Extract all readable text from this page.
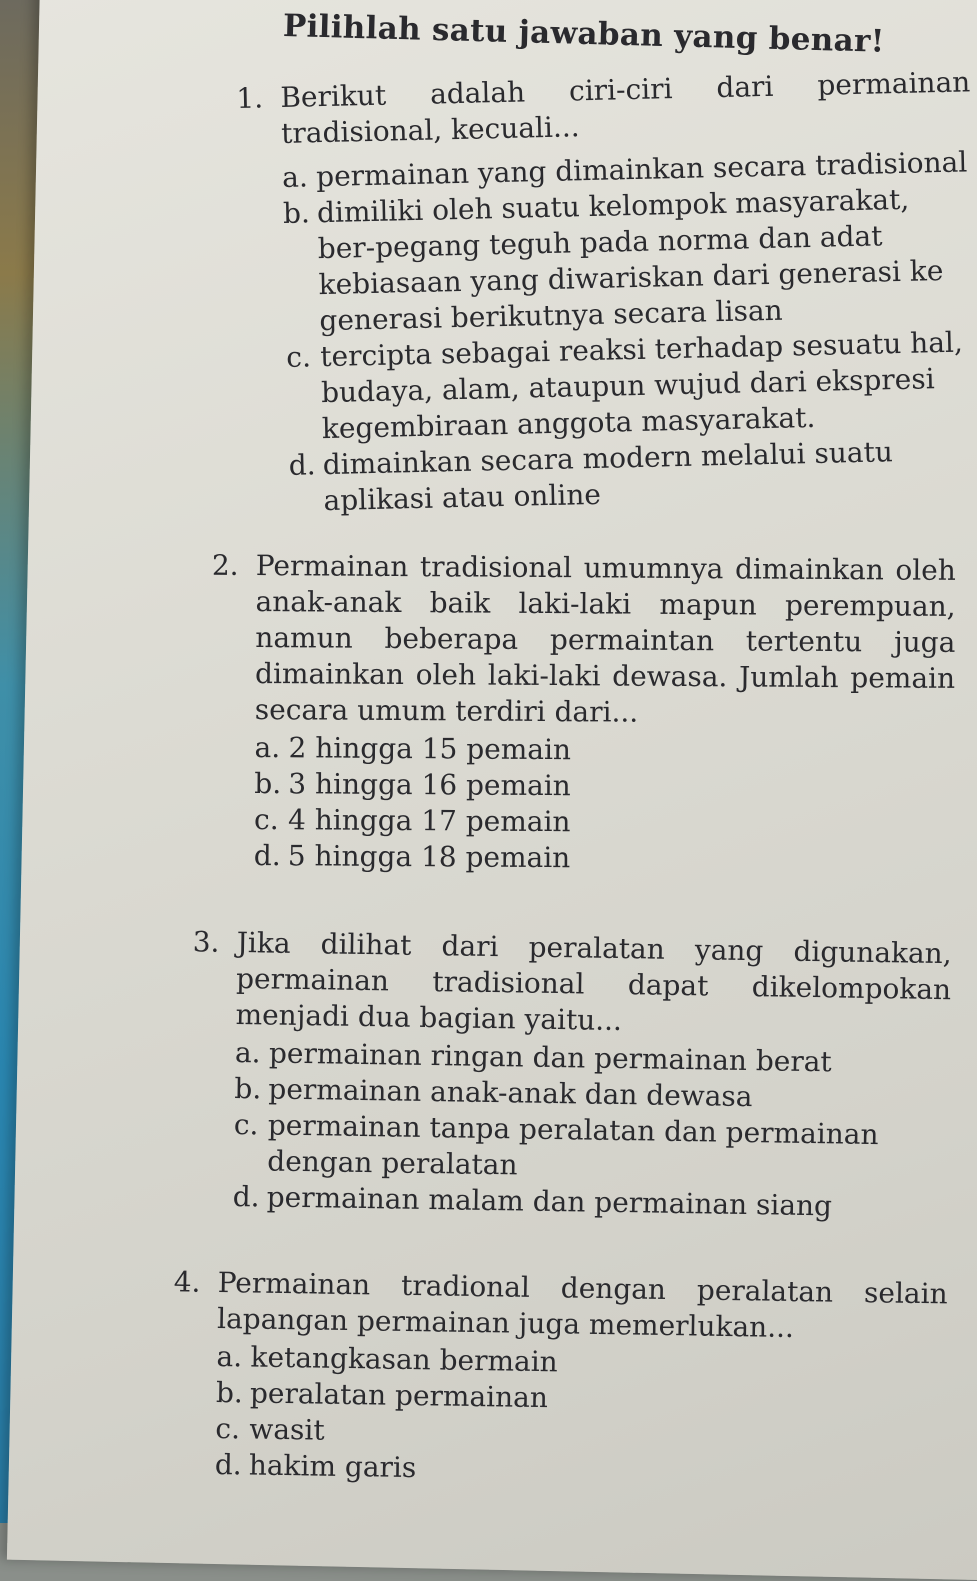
Pilihlah satu jawaban yang benar!
1. Berikut adalah ciri-ciri dari permainan tradisional, kecuali...
a. permainan yang dimainkan secara tradisional
b. dimiliki oleh suatu kelompok masyarakat, ber-pegang teguh pada norma dan adat kebiasaan yang diwariskan dari generasi ke generasi berikutnya secara lisan
c. tercipta sebagai reaksi terhadap sesuatu hal, budaya, alam, ataupun wujud dari ekspresi kegembiraan anggota masyarakat.
d. dimainkan secara modern melalui suatu aplikasi atau online
2. Permainan tradisional umumnya dimainkan oleh anak-anak baik laki-laki mapun perempuan, namun beberapa permaintan tertentu juga dimainkan oleh laki-laki dewasa. Jumlah pemain secara umum terdiri dari...
a. 2 hingga 15 pemain
b. 3 hingga 16 pemain
c. 4 hingga 17 pemain
d. 5 hingga 18 pemain
3. Jika dilihat dari peralatan yang digunakan, permainan tradisional dapat dikelompokan menjadi dua bagian yaitu...
a. permainan ringan dan permainan berat
b. permainan anak-anak dan dewasa
c. permainan tanpa peralatan dan permainan dengan peralatan
d. permainan malam dan permainan siang
4. Permainan tradional dengan peralatan selain lapangan permainan juga memerlukan...
a. ketangkasan bermain
b. peralatan permainan
c. wasit
d. hakim garis
